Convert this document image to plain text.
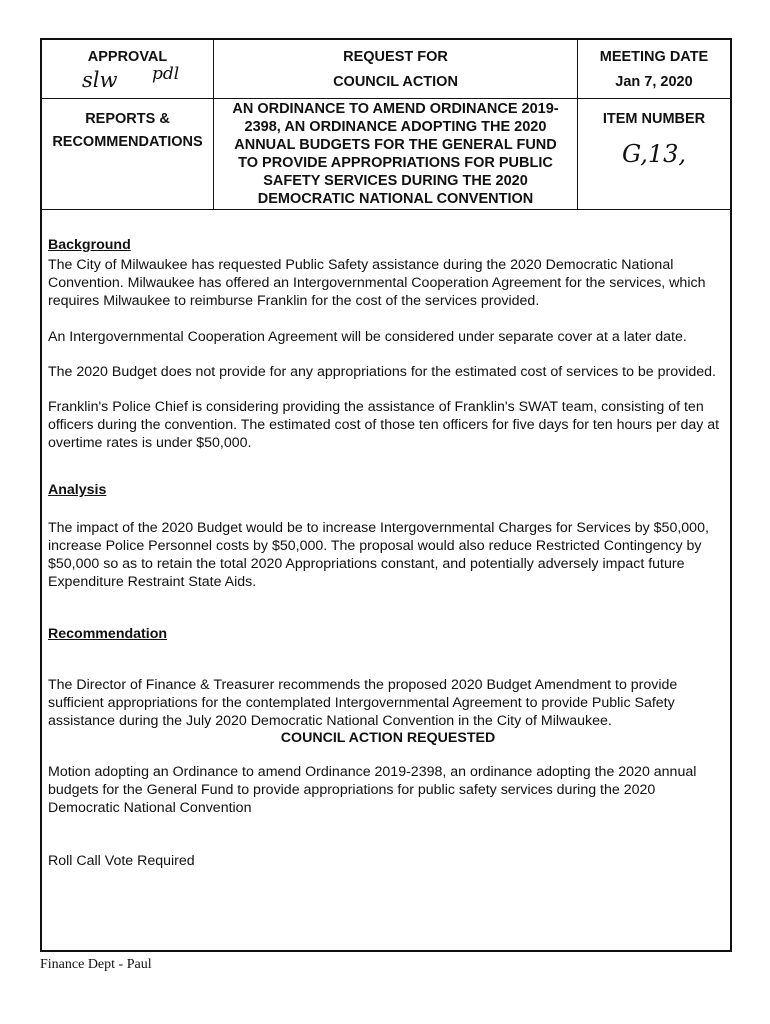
APPROVAL
slw pdl
REQUEST FOR
COUNCIL ACTION
MEETING DATE
Jan 7, 2020
REPORTS &
RECOMMENDATIONS
AN ORDINANCE TO AMEND ORDINANCE 2019-
2398, AN ORDINANCE ADOPTING THE 2020
ANNUAL BUDGETS FOR THE GENERAL FUND
TO PROVIDE APPROPRIATIONS FOR PUBLIC
SAFETY SERVICES DURING THE 2020
DEMOCRATIC NATIONAL CONVENTION
ITEM NUMBER
G,13,

Background

The City of Milwaukee has requested Public Safety assistance during the 2020 Democratic National Convention. Milwaukee has offered an Intergovernmental Cooperation Agreement for the services, which requires Milwaukee to reimburse Franklin for the cost of the services provided.

An Intergovernmental Cooperation Agreement will be considered under separate cover at a later date.

The 2020 Budget does not provide for any appropriations for the estimated cost of services to be provided.

Franklin's Police Chief is considering providing the assistance of Franklin's SWAT team, consisting of ten officers during the convention. The estimated cost of those ten officers for five days for ten hours per day at overtime rates is under $50,000.

Analysis

The impact of the 2020 Budget would be to increase Intergovernmental Charges for Services by $50,000, increase Police Personnel costs by $50,000. The proposal would also reduce Restricted Contingency by $50,000 so as to retain the total 2020 Appropriations constant, and potentially adversely impact future Expenditure Restraint State Aids.

Recommendation

The Director of Finance & Treasurer recommends the proposed 2020 Budget Amendment to provide sufficient appropriations for the contemplated Intergovernmental Agreement to provide Public Safety assistance during the July 2020 Democratic National Convention in the City of Milwaukee.

COUNCIL ACTION REQUESTED

Motion adopting an Ordinance to amend Ordinance 2019-2398, an ordinance adopting the 2020 annual budgets for the General Fund to provide appropriations for public safety services during the 2020 Democratic National Convention

Roll Call Vote Required

Finance Dept - Paul
